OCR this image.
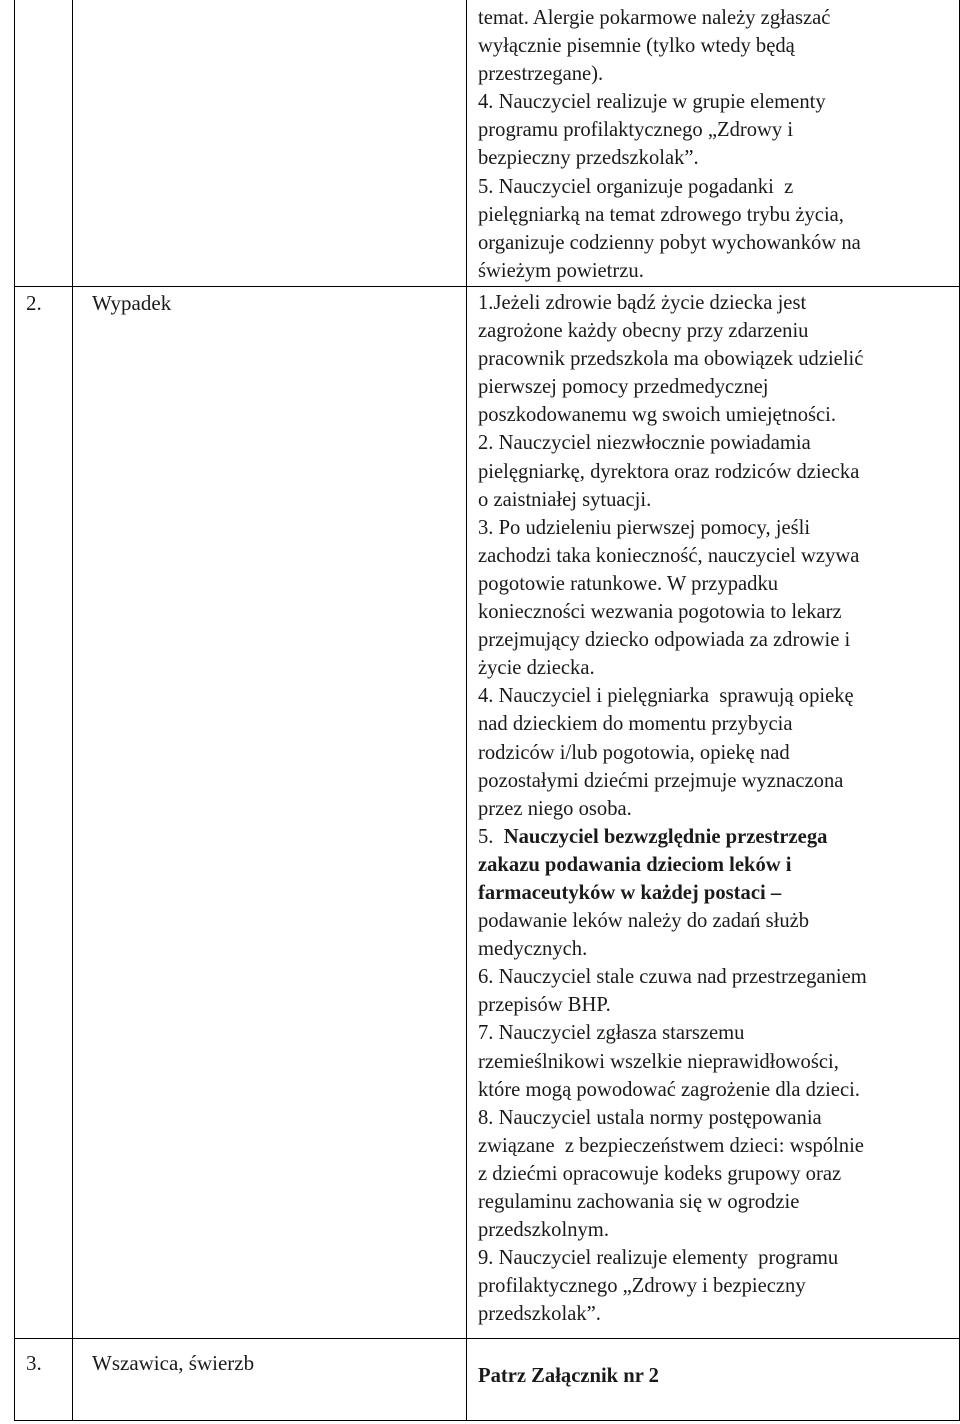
temat. Alergie pokarmowe należy zgłaszać
wyłącznie pisemnie (tylko wtedy będą
przestrzegane).
4. Nauczyciel realizuje w grupie elementy
programu profilaktycznego „Zdrowy i
bezpieczny przedszkolak”.
5. Nauczyciel organizuje pogadanki  z
pielęgniarką na temat zdrowego trybu życia,
organizuje codzienny pobyt wychowanków na
świeżym powietrzu.
2. Wypadek	1.Jeżeli zdrowie bądź życie dziecka jest
zagrożone każdy obecny przy zdarzeniu
pracownik przedszkola ma obowiązek udzielić
pierwszej pomocy przedmedycznej
poszkodowanemu wg swoich umiejętności.
2. Nauczyciel niezwłocznie powiadamia
pielęgniarkę, dyrektora oraz rodziców dziecka
o zaistniałej sytuacji.
3. Po udzieleniu pierwszej pomocy, jeśli
zachodzi taka konieczność, nauczyciel wzywa
pogotowie ratunkowe. W przypadku
konieczności wezwania pogotowia to lekarz
przejmujący dziecko odpowiada za zdrowie i
życie dziecka.
4. Nauczyciel i pielęgniarka  sprawują opiekę
nad dzieckiem do momentu przybycia
rodziców i/lub pogotowia, opiekę nad
pozostałymi dziećmi przejmuje wyznaczona
przez niego osoba.
5.  Nauczyciel bezwzględnie przestrzega
zakazu podawania dzieciom leków i
farmaceutyków w każdej postaci –
podawanie leków należy do zadań służb
medycznych.
6. Nauczyciel stale czuwa nad przestrzeganiem
przepisów BHP.
7. Nauczyciel zgłasza starszemu
rzemieślnikowi wszelkie nieprawidłowości,
które mogą powodować zagrożenie dla dzieci.
8. Nauczyciel ustala normy postępowania
związane  z bezpieczeństwem dzieci: wspólnie
z dziećmi opracowuje kodeks grupowy oraz
regulaminu zachowania się w ogrodzie
przedszkolnym.
9. Nauczyciel realizuje elementy  programu
profilaktycznego „Zdrowy i bezpieczny
przedszkolak”.
3. Wszawica, świerzb
Patrz Załącznik nr 2
